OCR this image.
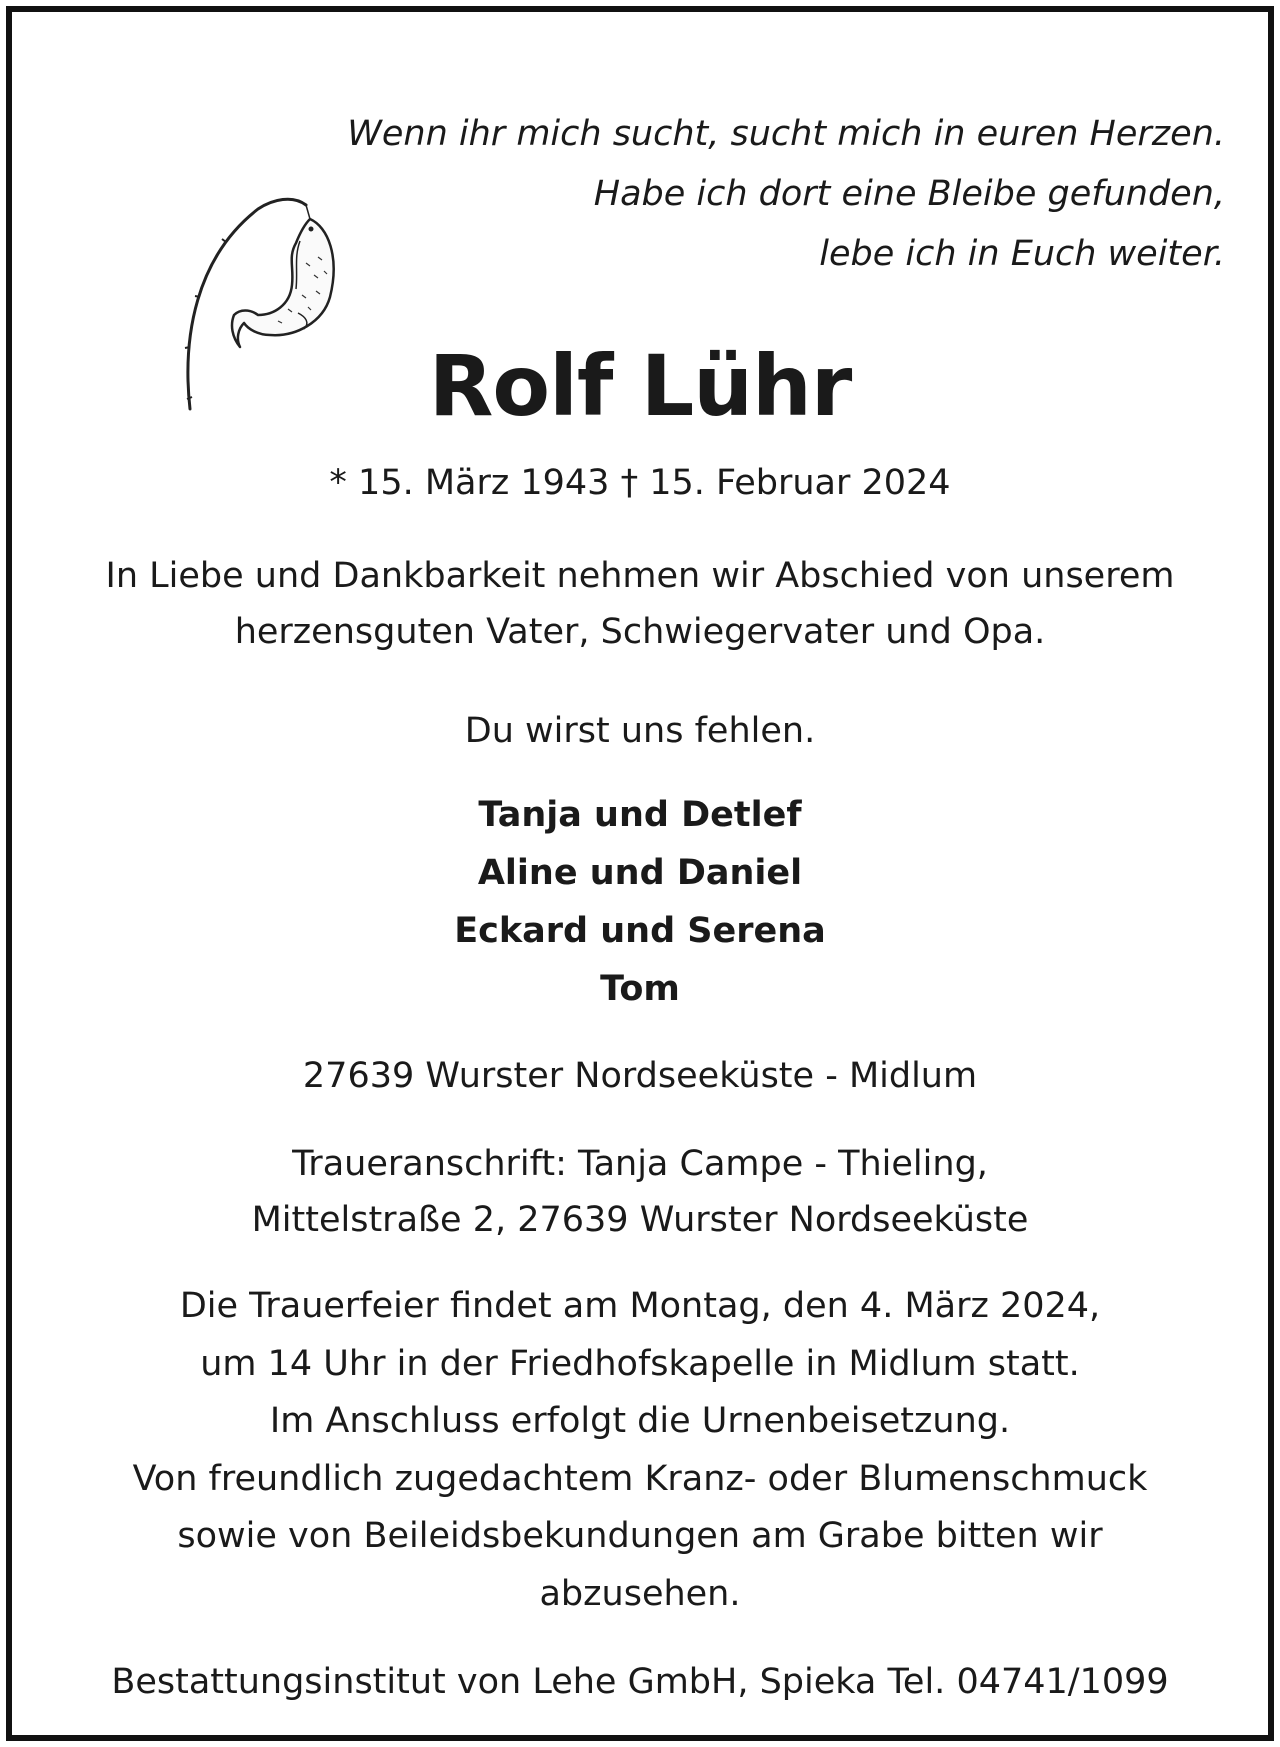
Wenn ihr mich sucht, sucht mich in euren Herzen.
Habe ich dort eine Bleibe gefunden,
lebe ich in Euch weiter.
Rolf Lühr
* 15. März 1943 † 15. Februar 2024
In Liebe und Dankbarkeit nehmen wir Abschied von unserem
herzensguten Vater, Schwiegervater und Opa.
Du wirst uns fehlen.
Tanja und Detlef
Aline und Daniel
Eckard und Serena
Tom
27639 Wurster Nordseeküste - Midlum
Traueranschrift: Tanja Campe - Thieling,
Mittelstraße 2, 27639 Wurster Nordseeküste
Die Trauerfeier findet am Montag, den 4. März 2024,
um 14 Uhr in der Friedhofskapelle in Midlum statt.
Im Anschluss erfolgt die Urnenbeisetzung.
Von freundlich zugedachtem Kranz- oder Blumenschmuck
sowie von Beileidsbekundungen am Grabe bitten wir
abzusehen.
Bestattungsinstitut von Lehe GmbH, Spieka Tel. 04741/1099
